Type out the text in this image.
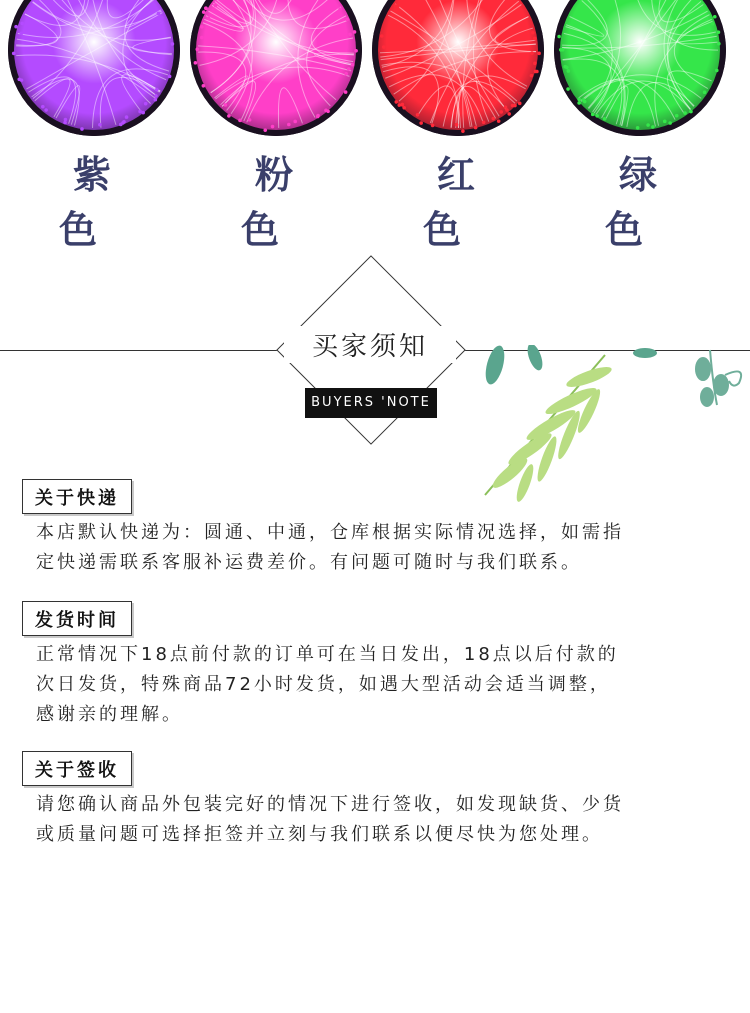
紫 色
粉 色
红 色
绿 色
买家须知
BUYERS 'NOTE
关于快递
本店默认快递为：圆通、中通，仓库根据实际情况选择，如需指
定快递需联系客服补运费差价。有问题可随时与我们联系。
发货时间
正常情况下18点前付款的订单可在当日发出，18点以后付款的
次日发货，特殊商品72小时发货，如遇大型活动会适当调整，
感谢亲的理解。
关于签收
请您确认商品外包装完好的情况下进行签收，如发现缺货、少货
或质量问题可选择拒签并立刻与我们联系以便尽快为您处理。
